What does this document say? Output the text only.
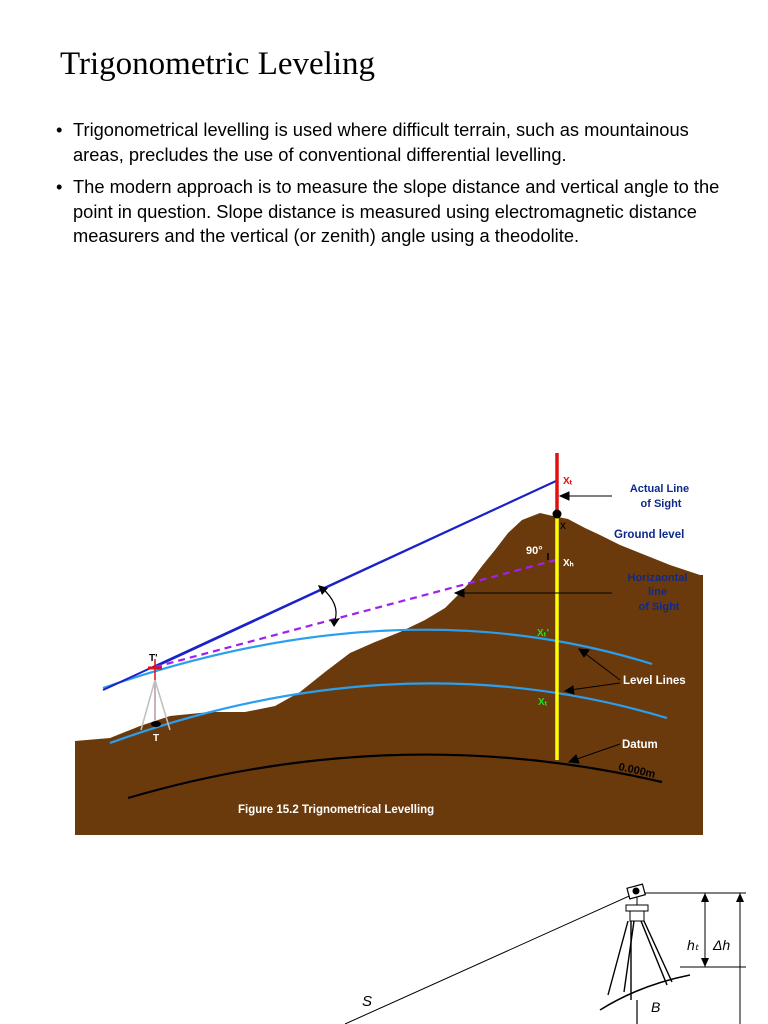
Trigonometric Leveling
• Trigonometrical levelling is used where difficult terrain, such as mountainous areas, precludes the use of conventional differential levelling.
• The modern approach is to measure the slope distance and vertical angle to the point in question. Slope distance is measured using electromagnetic distance measurers and the vertical (or zenith) angle using a theodolite.
α
Xₜ
x
90°
Xₕ
Xₜ'
Xₜ
T'
T
Actual Line of Sight
Ground level
Horizaontal line of Sight
Level Lines
Datum
0.000m
Figure 15.2 Trignometrical Levelling
S	B
hₜ Δh
